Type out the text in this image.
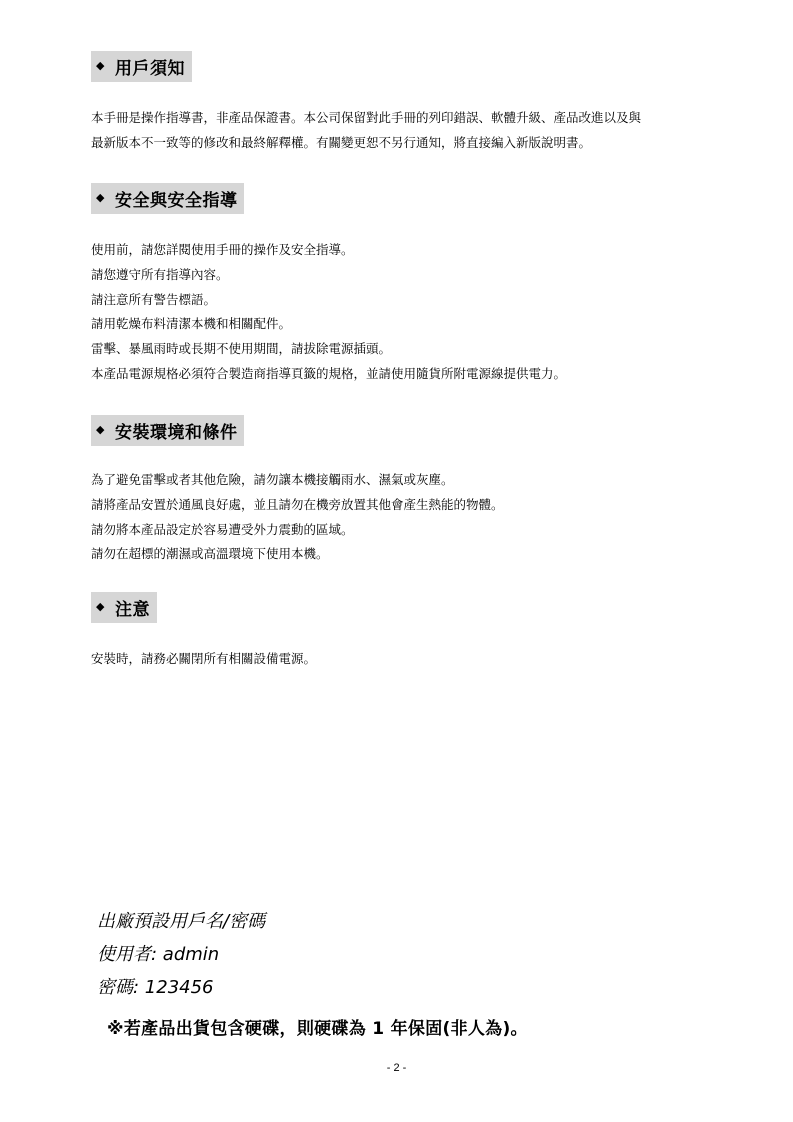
◆ 用戶須知
本手冊是操作指導書，非產品保證書。本公司保留對此手冊的列印錯誤、軟體升級、產品改進以及與
最新版本不一致等的修改和最終解釋權。有關變更恕不另行通知，將直接編入新版說明書。
◆ 安全與安全指導
使用前，請您詳閱使用手冊的操作及安全指導。
請您遵守所有指導內容。
請注意所有警告標語。
請用乾燥布料清潔本機和相關配件。
雷擊、暴風雨時或長期不使用期間，請拔除電源插頭。
本產品電源規格必須符合製造商指導頁籤的規格，並請使用隨貨所附電源線提供電力。
◆ 安裝環境和條件
為了避免雷擊或者其他危險，請勿讓本機接觸雨水、濕氣或灰塵。
請將產品安置於通風良好處，並且請勿在機旁放置其他會產生熱能的物體。
請勿將本產品設定於容易遭受外力震動的區域。
請勿在超標的潮濕或高溫環境下使用本機。
◆ 注意
安裝時，請務必關閉所有相關設備電源。
出廠預設用戶名/密碼
使用者: admin
密碼: 123456
※若產品出貨包含硬碟，則硬碟為 1 年保固(非人為)。
- 2 -
